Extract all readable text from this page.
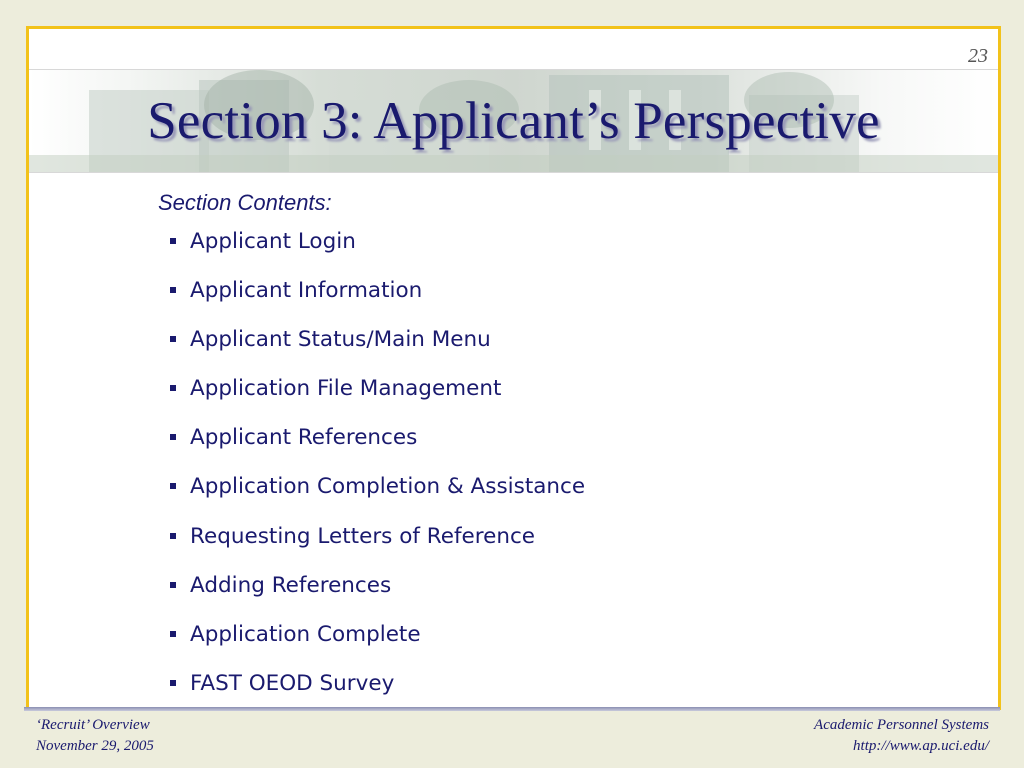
23
Section 3: Applicant’s Perspective
Section Contents:
Applicant Login
Applicant Information
Applicant Status/Main Menu
Application File Management
Applicant References
Application Completion & Assistance
Requesting Letters of Reference
Adding References
Application Complete
FAST OEOD Survey
‘Recruit’ Overview
November 29, 2005
Academic Personnel Systems
http://www.ap.uci.edu/
